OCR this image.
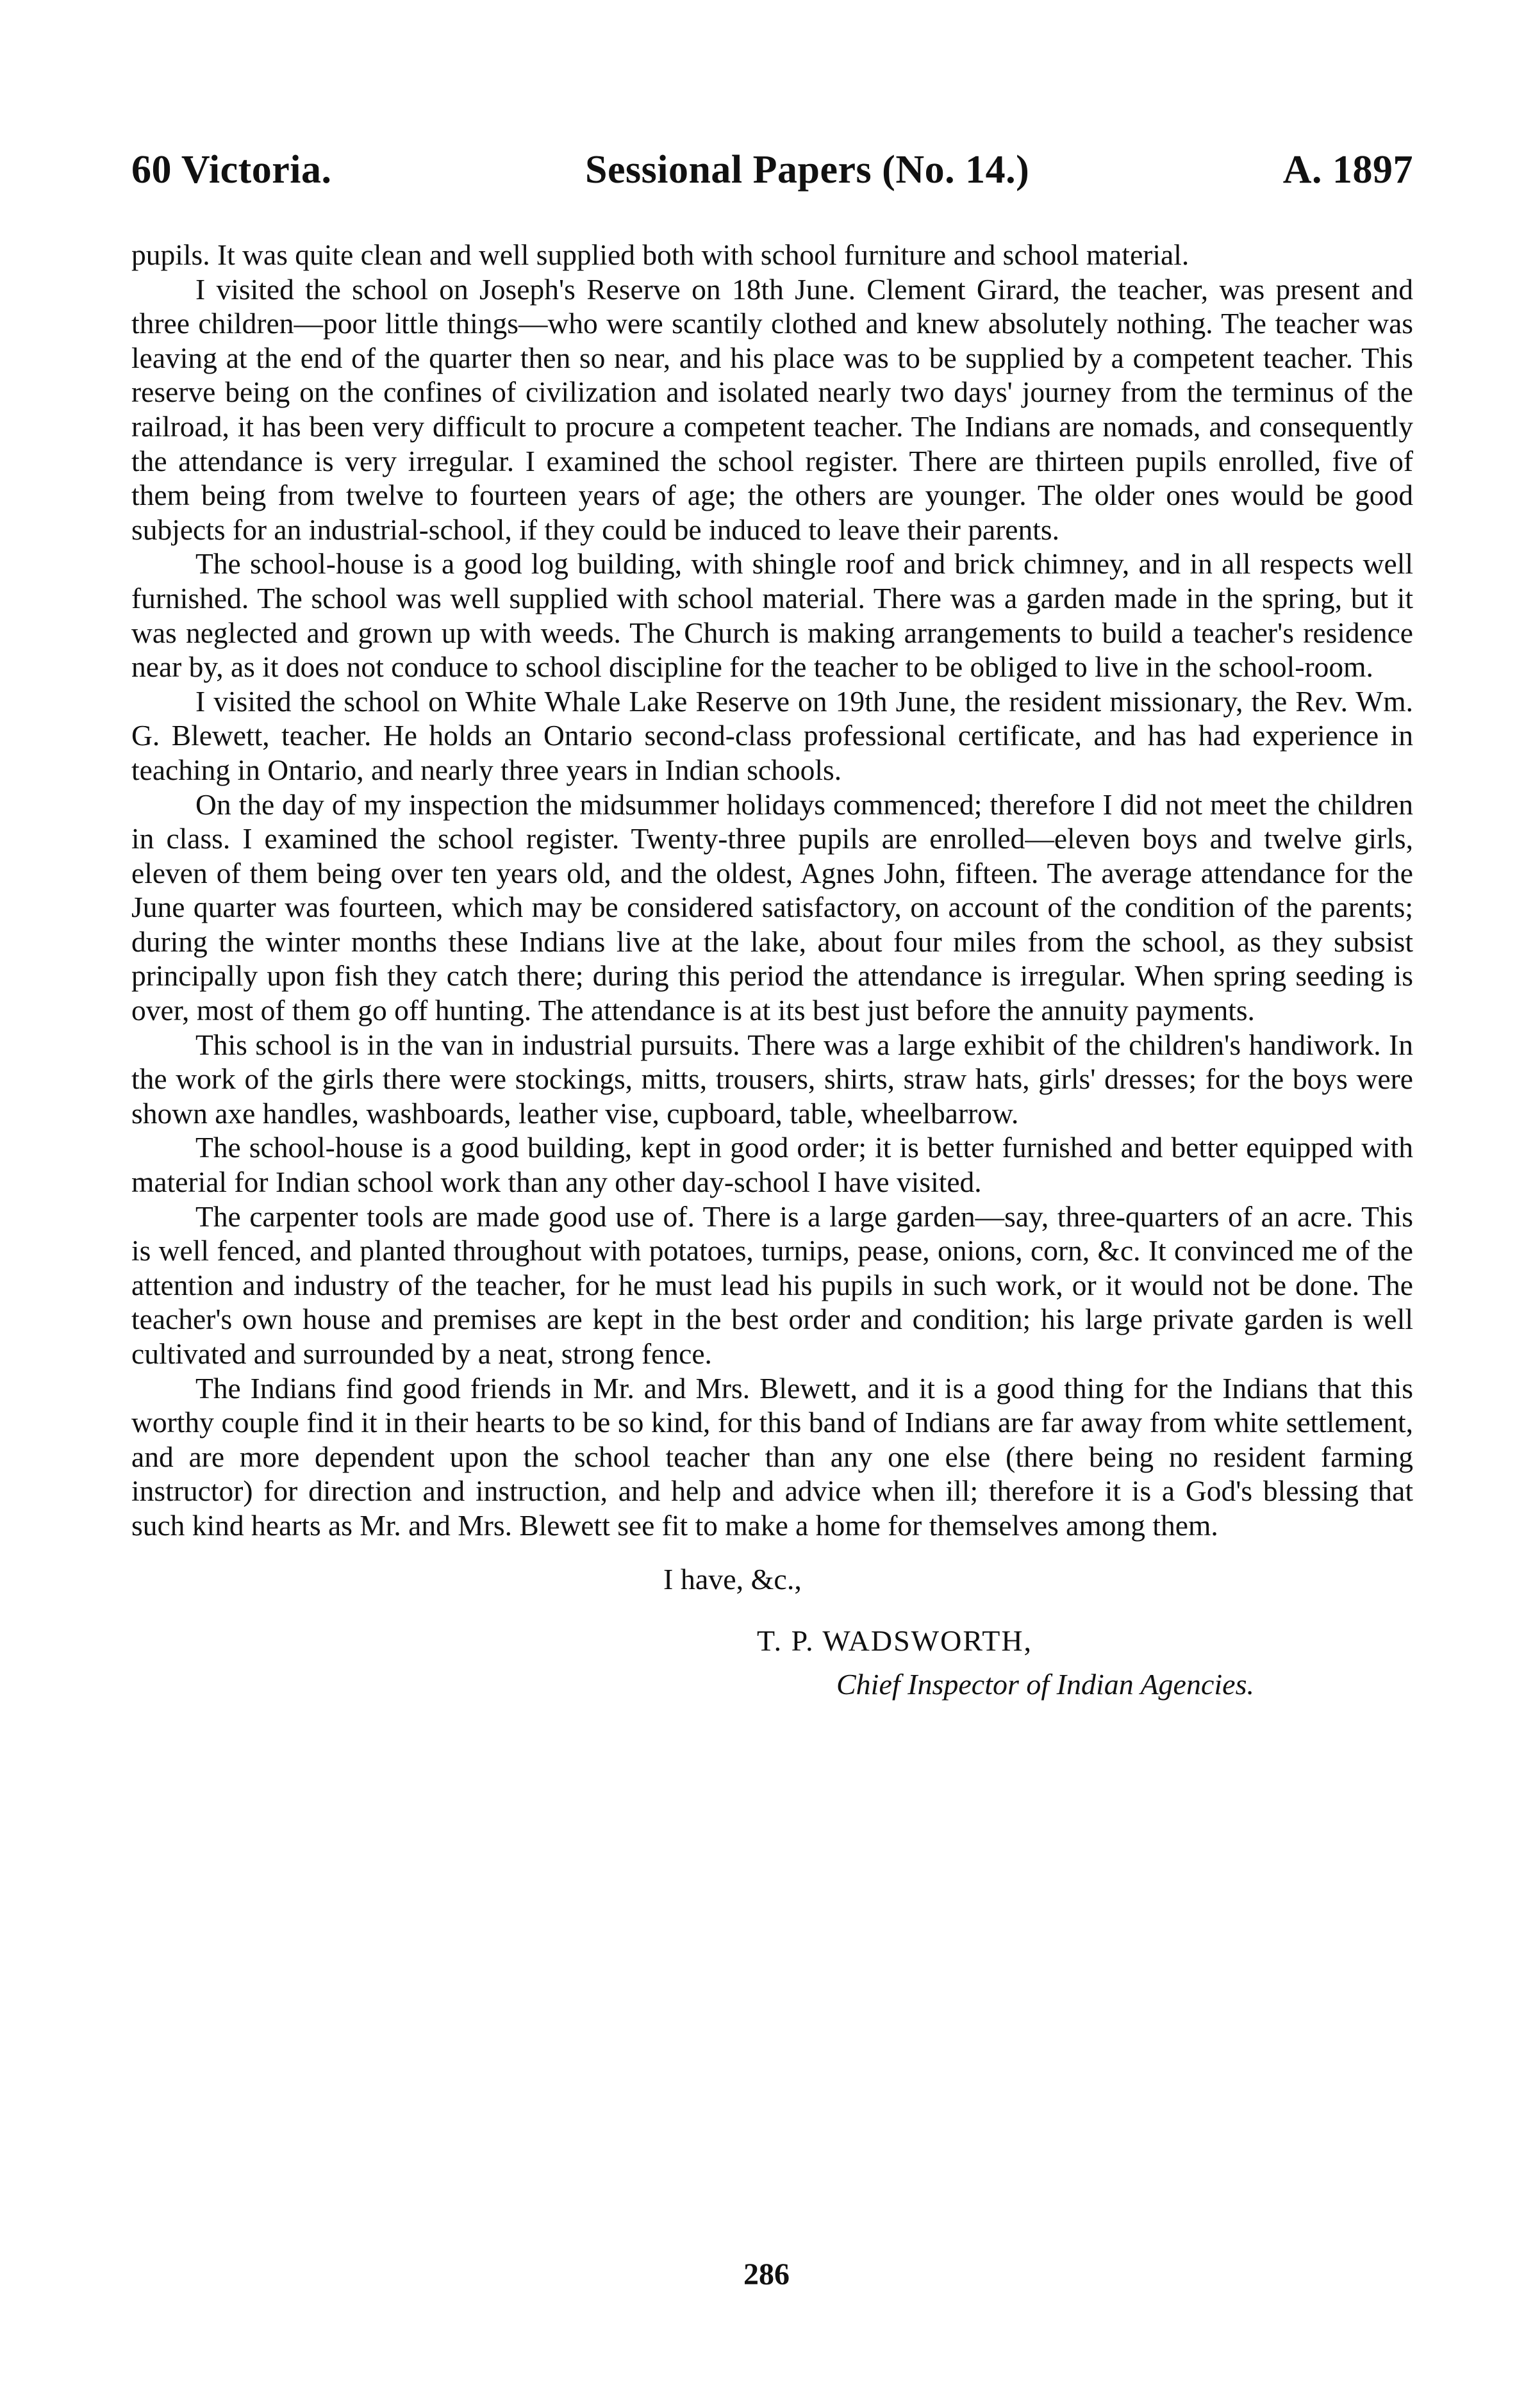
60 Victoria.	Sessional Papers (No. 14.)	A. 1897

pupils. It was quite clean and well supplied both with school furniture and school material.

I visited the school on Joseph's Reserve on 18th June. Clement Girard, the teacher, was present and three children—poor little things—who were scantily clothed and knew absolutely nothing. The teacher was leaving at the end of the quarter then so near, and his place was to be supplied by a competent teacher. This reserve being on the confines of civilization and isolated nearly two days' journey from the terminus of the railroad, it has been very difficult to procure a competent teacher. The Indians are nomads, and consequently the attendance is very irregular. I examined the school register. There are thirteen pupils enrolled, five of them being from twelve to fourteen years of age; the others are younger. The older ones would be good subjects for an industrial-school, if they could be induced to leave their parents.

The school-house is a good log building, with shingle roof and brick chimney, and in all respects well furnished. The school was well supplied with school material. There was a garden made in the spring, but it was neglected and grown up with weeds. The Church is making arrangements to build a teacher's residence near by, as it does not conduce to school discipline for the teacher to be obliged to live in the school-room.

I visited the school on White Whale Lake Reserve on 19th June, the resident missionary, the Rev. Wm. G. Blewett, teacher. He holds an Ontario second-class professional certificate, and has had experience in teaching in Ontario, and nearly three years in Indian schools.

On the day of my inspection the midsummer holidays commenced; therefore I did not meet the children in class. I examined the school register. Twenty-three pupils are enrolled—eleven boys and twelve girls, eleven of them being over ten years old, and the oldest, Agnes John, fifteen. The average attendance for the June quarter was fourteen, which may be considered satisfactory, on account of the condition of the parents; during the winter months these Indians live at the lake, about four miles from the school, as they subsist principally upon fish they catch there; during this period the attendance is irregular. When spring seeding is over, most of them go off hunting. The attendance is at its best just before the annuity payments.

This school is in the van in industrial pursuits. There was a large exhibit of the children's handiwork. In the work of the girls there were stockings, mitts, trousers, shirts, straw hats, girls' dresses; for the boys were shown axe handles, washboards, leather vise, cupboard, table, wheelbarrow.

The school-house is a good building, kept in good order; it is better furnished and better equipped with material for Indian school work than any other day-school I have visited.

The carpenter tools are made good use of. There is a large garden—say, three-quarters of an acre. This is well fenced, and planted throughout with potatoes, turnips, pease, onions, corn, &c. It convinced me of the attention and industry of the teacher, for he must lead his pupils in such work, or it would not be done. The teacher's own house and premises are kept in the best order and condition; his large private garden is well cultivated and surrounded by a neat, strong fence.

The Indians find good friends in Mr. and Mrs. Blewett, and it is a good thing for the Indians that this worthy couple find it in their hearts to be so kind, for this band of Indians are far away from white settlement, and are more dependent upon the school teacher than any one else (there being no resident farming instructor) for direction and instruction, and help and advice when ill; therefore it is a God's blessing that such kind hearts as Mr. and Mrs. Blewett see fit to make a home for themselves among them.

I have, &c.,
T. P. WADSWORTH,
Chief Inspector of Indian Agencies.
286
